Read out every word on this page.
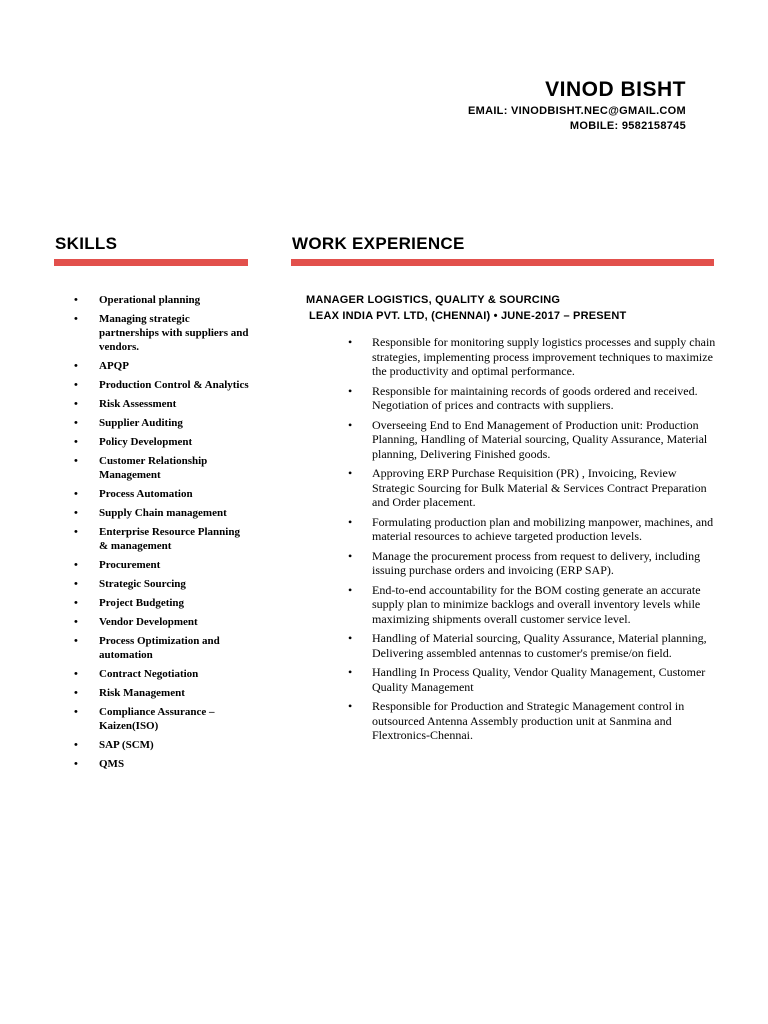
VINOD BISHT
EMAIL: VINODBISHT.NEC@GMAIL.COM
MOBILE: 9582158745
SKILLS	WORK EXPERIENCE
• Operational planning
• Managing strategic partnerships with suppliers and vendors.
• APQP
• Production Control & Analytics
• Risk Assessment
• Supplier Auditing
• Policy Development
• Customer Relationship Management
• Process Automation
• Supply Chain management
• Enterprise Resource Planning & management
• Procurement
• Strategic Sourcing
• Project Budgeting
• Vendor Development
• Process Optimization and automation
• Contract Negotiation
• Risk Management
• Compliance Assurance – Kaizen(ISO)
• SAP (SCM)
• QMS
MANAGER LOGISTICS, QUALITY & SOURCING
LEAX INDIA PVT. LTD, (CHENNAI) • JUNE-2017 – PRESENT
• Responsible for monitoring supply logistics processes and supply chain strategies, implementing process improvement techniques to maximize the productivity and optimal performance.
• Responsible for maintaining records of goods ordered and received. Negotiation of prices and contracts with suppliers.
• Overseeing End to End Management of Production unit: Production Planning, Handling of Material sourcing, Quality Assurance, Material planning, Delivering Finished goods.
• Approving ERP Purchase Requisition (PR) , Invoicing, Review Strategic Sourcing for Bulk Material & Services Contract Preparation and Order placement.
• Formulating production plan and mobilizing manpower, machines, and material resources to achieve targeted production levels.
• Manage the procurement process from request to delivery, including issuing purchase orders and invoicing (ERP SAP).
• End-to-end accountability for the BOM costing generate an accurate supply plan to minimize backlogs and overall inventory levels while maximizing shipments overall customer service level.
• Handling of Material sourcing, Quality Assurance, Material planning, Delivering assembled antennas to customer's premise/on field.
• Handling In Process Quality, Vendor Quality Management, Customer Quality Management
• Responsible for Production and Strategic Management control in outsourced Antenna Assembly production unit at Sanmina and Flextronics-Chennai.
